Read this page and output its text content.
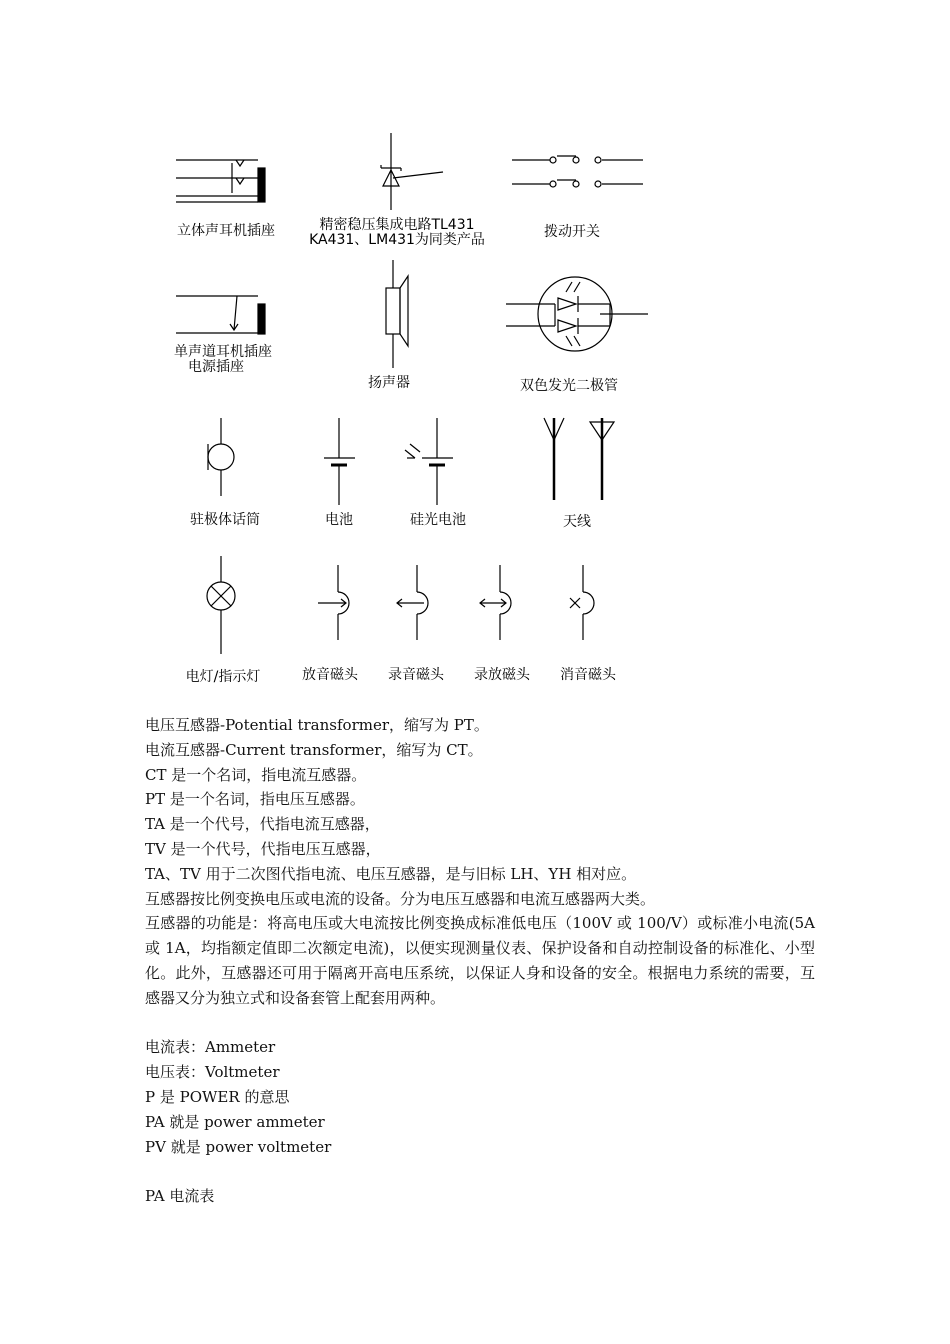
立体声耳机插座	精密稳压集成电路TL431
KA431、LM431为同类产品	拨动开关
单声道耳机插座
电源插座
扬声器	双色发光二极管
驻极体话筒	电池	硅光电池	天线
电灯/指示灯	放音磁头 录音磁头 录放磁头 消音磁头

电压互感器-Potential transformer，缩写为 PT。

电流互感器-Current transformer，缩写为 CT。

CT 是一个名词，指电流互感器。

PT 是一个名词，指电压互感器。

TA 是一个代号，代指电流互感器，

TV 是一个代号，代指电压互感器，

TA、TV 用于二次图代指电流、电压互感器，是与旧标 LH、YH 相对应。

互感器按比例变换电压或电流的设备。分为电压互感器和电流互感器两大类。

互感器的功能是：将高电压或大电流按比例变换成标准低电压（100V 或 100/V）或标准小电流(5A 或 1A，均指额定值即二次额定电流)，以便实现测量仪表、保护设备和自动控制设备的标准化、小型化。此外，互感器还可用于隔离开高电压系统，以保证人身和设备的安全。根据电力系统的需要，互感器又分为独立式和设备套管上配套用两种。

电流表：Ammeter

电压表：Voltmeter

P 是 POWER 的意思

PA 就是 power ammeter

PV 就是 power voltmeter

PA 电流表
